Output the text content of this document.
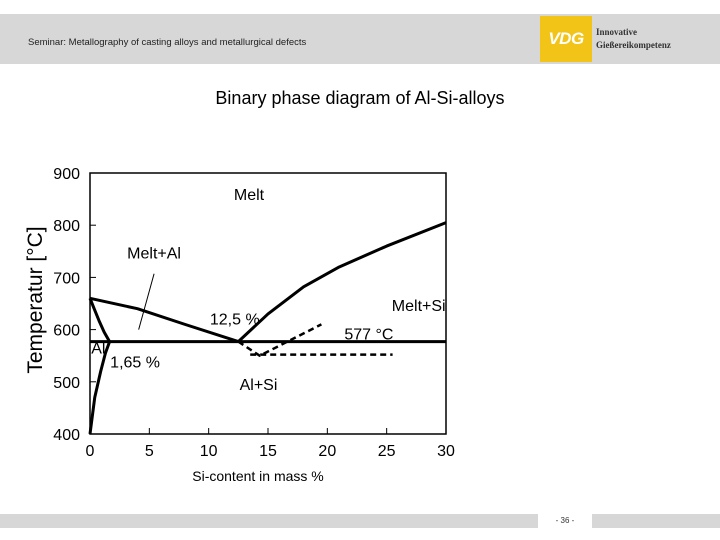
Seminar: Metallography of casting alloys and metallurgical defects	VDG Innovative
Gießereikompetenz
Binary phase diagram of Al-Si-alloys
0	5	10	15	20	25	30
400
500
600
700
800
900
Melt
Melt+Al
Melt+Si
12,5 %
577 °C
Al
1,65 %
Al+Si
Si-content in mass %
Temperatur [°C]
- 36 -
